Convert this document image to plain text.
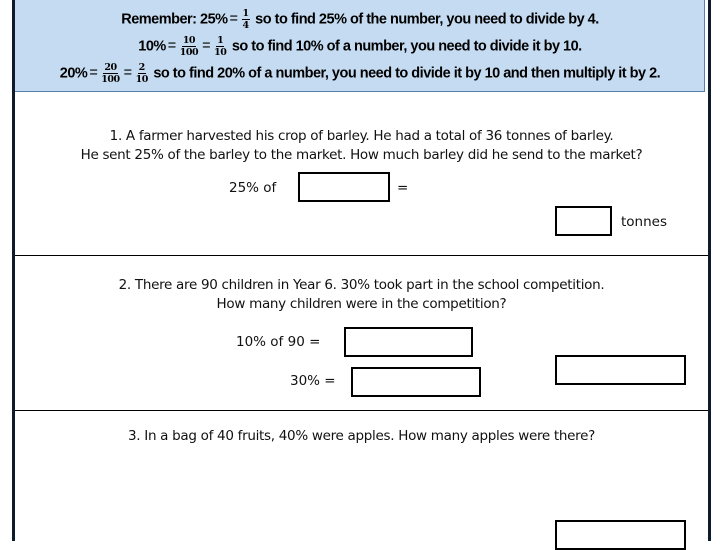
Remember: $25\% = \frac{1}{4}$ so to find 25% of the number, you need to divide by 4.
$10\% = \frac{10}{100} = \frac{1}{10}$ so to find 10% of a number, you need to divide it by 10.
$20\% = \frac{20}{100} = \frac{2}{10}$ so to find 20% of a number, you need to divide it by 10 and then multiply it by 2.
1. A farmer harvested his crop of barley. He had a total of 36 tonnes of barley.
He sent 25% of the barley to the market. How much barley did he send to the market?
25% of	=
tonnes
2. There are 90 children in Year 6. 30% took part in the school competition.
How many children were in the competition?
10% of 90 =
30% =
3. In a bag of 40 fruits, 40% were apples. How many apples were there?
